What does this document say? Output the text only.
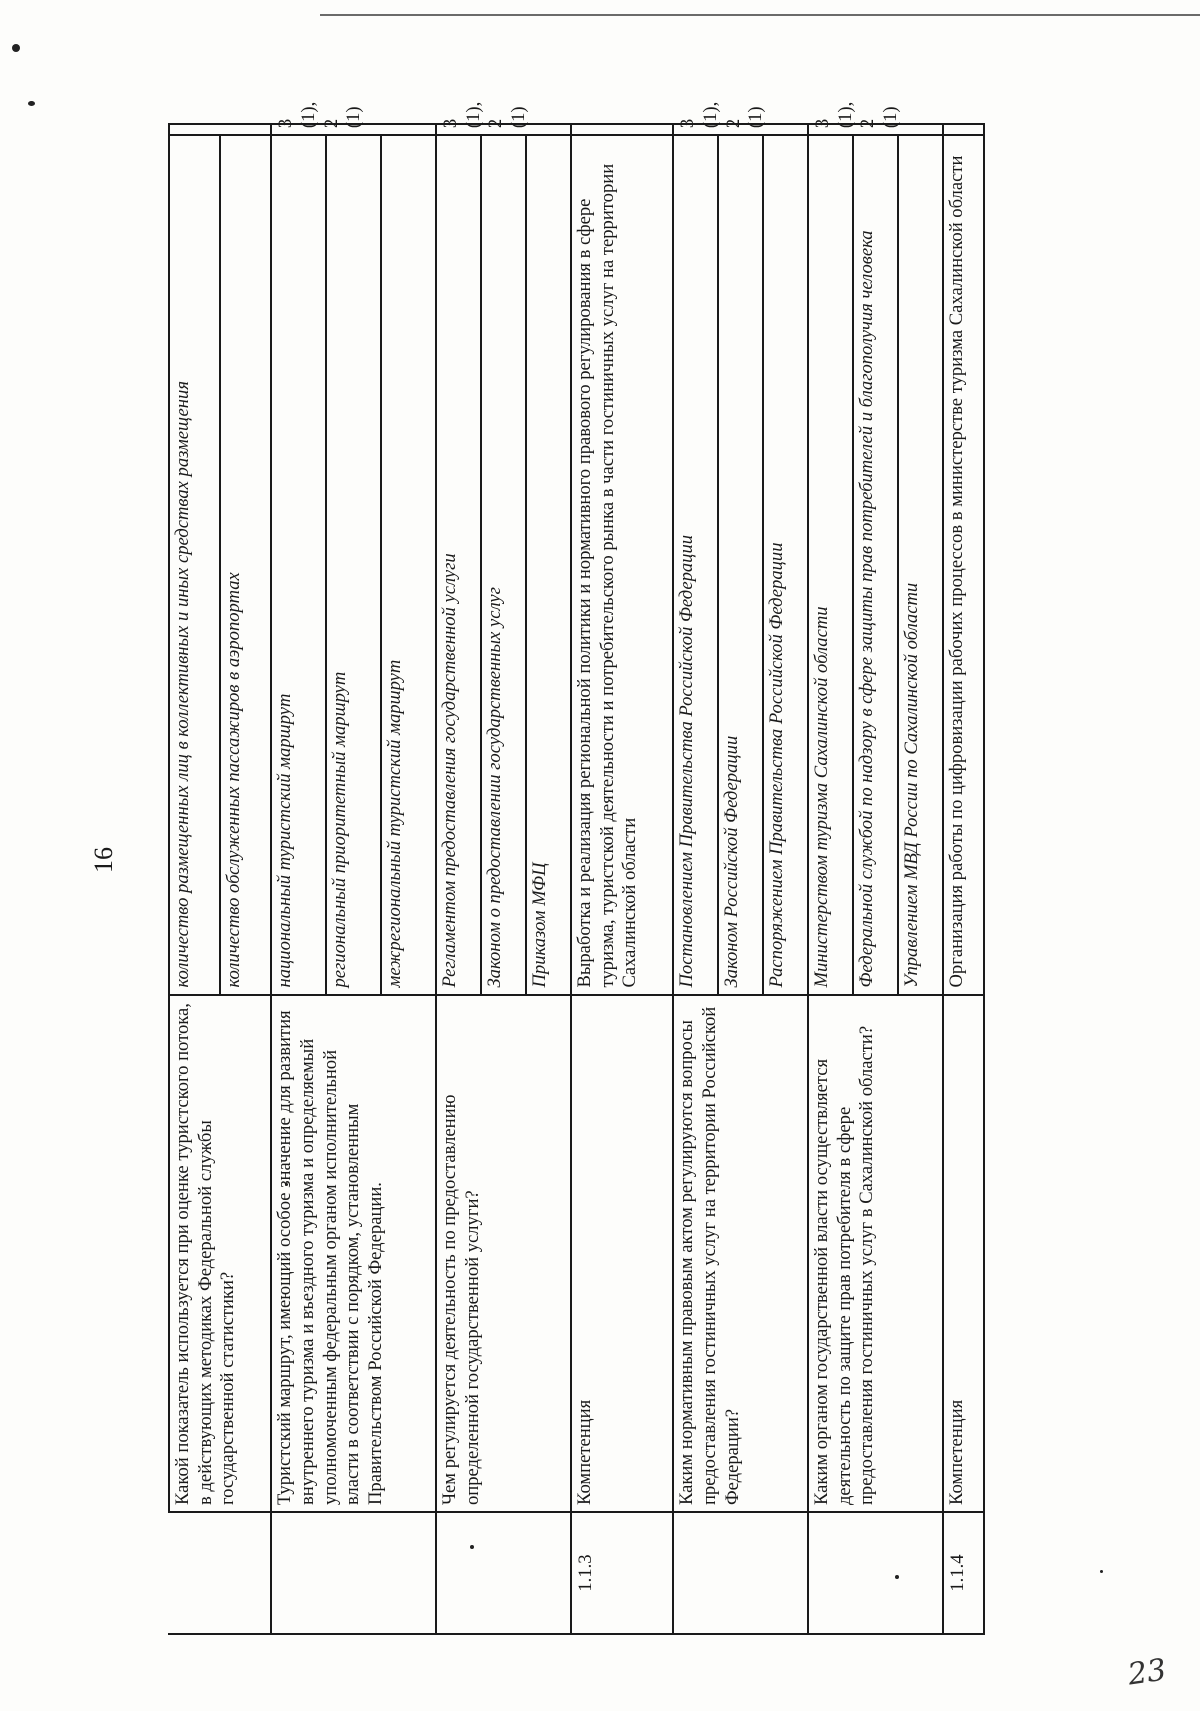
16
	Какой показатель используется при оценке туристского потока, в действующих методиках Федеральной службы государственной статистики?	количество размещенных лиц в коллективных и иных средствах размещения	
		количество обслуженных пассажиров в аэропортах	
	Туристский маршрут, имеющий особое значение для развития внутреннего туризма и въездного туризма и определяемый уполномоченным федеральным органом исполнительной власти в соответствии с порядком, установленным Правительством Российской Федерации.	национальный туристский маршрут	3 (1), 2 (1)
		региональный приоритетный маршрут	
		межрегиональный туристский маршрут	
	Чем регулируется деятельность по предоставлению определенной государственной услуги?	Регламентом предоставления государственной услуги	3 (1), 2 (1)
		Законом о предоставлении государственных услуг	
		Приказом МФЦ	
1.1.3	Компетенция	Выработка и реализация региональной политики и нормативного правового регулирования в сфере туризма, туристской деятельности и потребительского рынка в части гостиничных услуг на территории Сахалинской области	
	Каким нормативным правовым актом регулируются вопросы предоставления гостиничных услуг на территории Российской Федерации?	Постановлением Правительства Российской Федерации	3 (1), 2 (1)
		Законом Российской Федерации	
		Распоряжением Правительства Российской Федерации	
	Каким органом государственной власти осуществляется деятельность по защите прав потребителя в сфере предоставления гостиничных услуг в Сахалинской области?	Министерством туризма Сахалинской области	3 (1), 2 (1)
		Федеральной службой по надзору в сфере защиты прав потребителей и благополучия человека	
		Управлением МВД России по Сахалинской области	
1.1.4	Компетенция	Организация работы по цифровизации рабочих процессов в министерстве туризма Сахалинской области	
23
